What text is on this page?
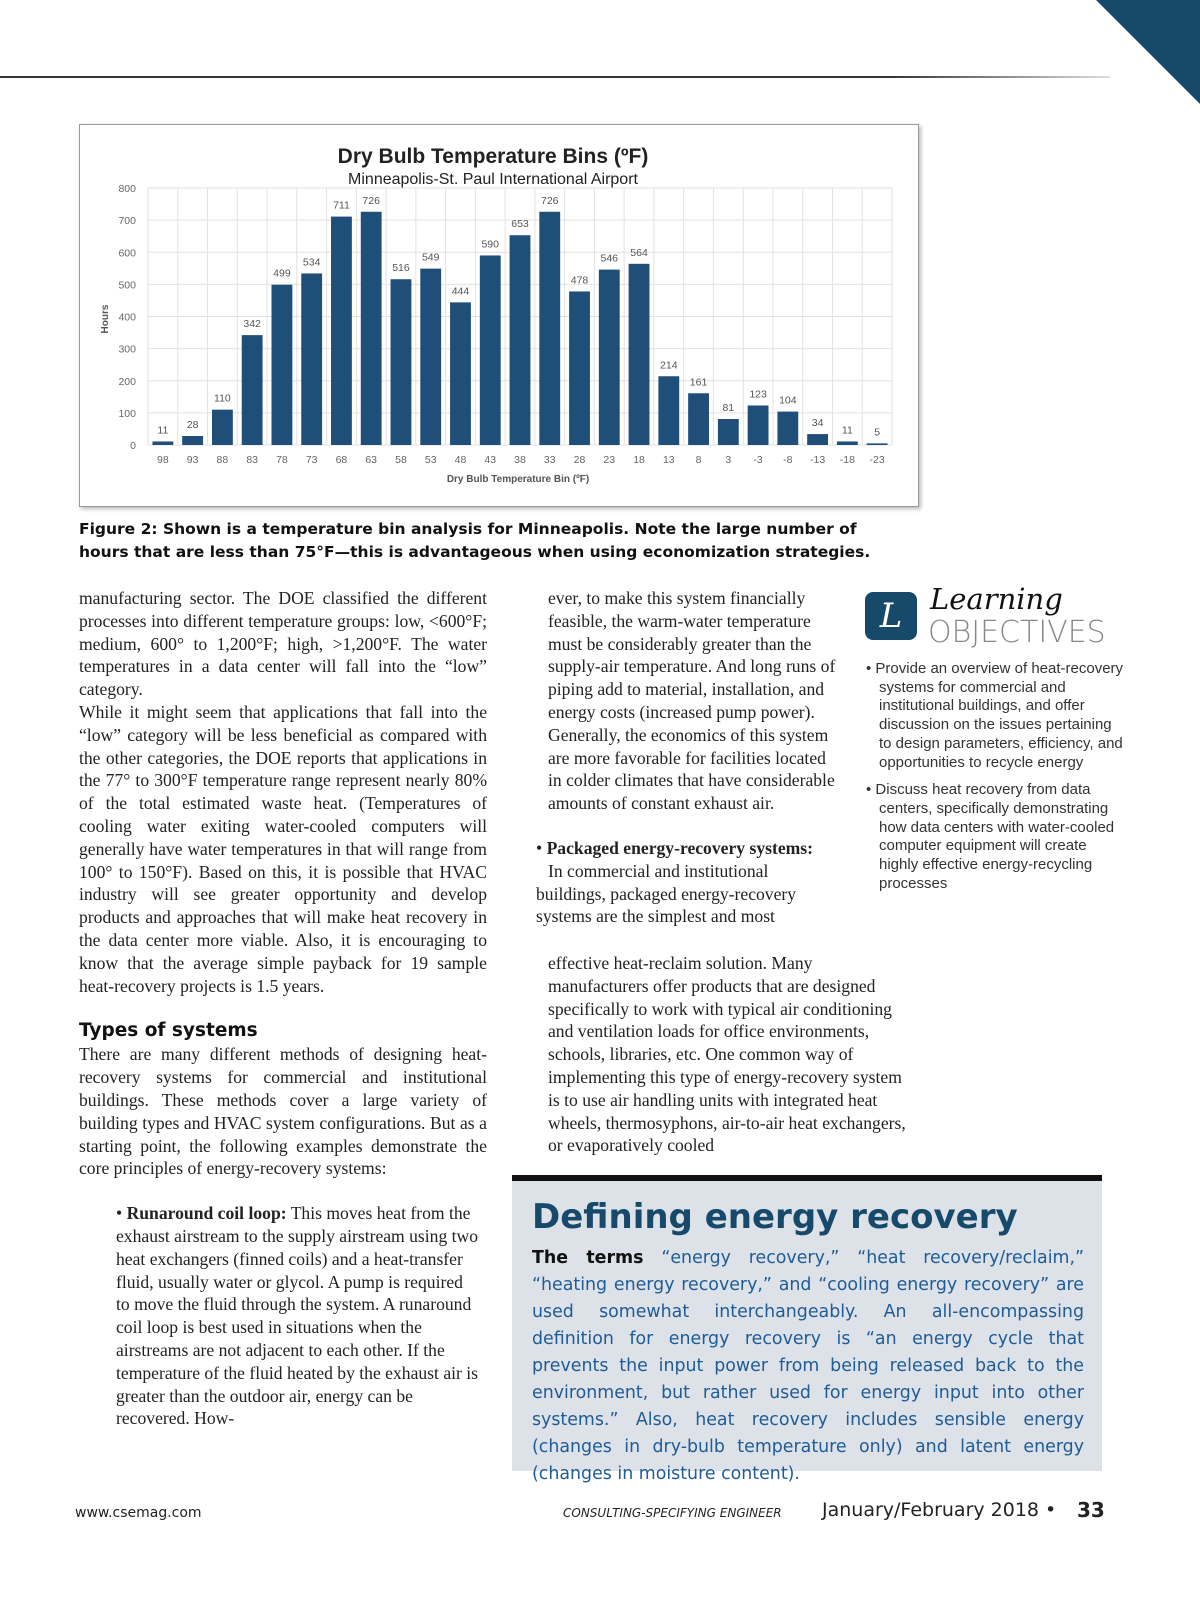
Dry Bulb Temperature Bins (ºF)
Minneapolis-St. Paul International Airport
0
100
200
300
400
500
600
700
800
11
98
28
93
110
88
342
83
499
78
534
73
711
68
726
63
516
58
549
53
444
48
590
43
653
38
726
33
478
28
546
23
564
18
214
13
161
8
81
3
123
-3
104
-8
34
-13
11
-18
5
-23
Hours
Dry Bulb Temperature Bin (ºF)
Figure 2: Shown is a temperature bin analysis for Minneapolis. Note the large number of hours that are less than 75°F—this is advantageous when using economization strategies.

manufacturing sector. The DOE classified the different processes into different temperature groups: low, <600°F; medium, 600° to 1,200°F; high, >1,200°F. The water temperatures in a data center will fall into the “low” category.

While it might seem that applications that fall into the “low” category will be less beneficial as compared with the other categories, the DOE reports that applications in the 77° to 300°F temperature range represent nearly 80% of the total estimated waste heat. (Temperatures of cooling water exiting water-cooled computers will generally have water temperatures in that will range from 100° to 150°F). Based on this, it is possible that HVAC industry will see greater opportunity and develop products and approaches that will make heat recovery in the data center more viable. Also, it is encouraging to know that the average simple payback for 19 sample heat-recovery projects is 1.5 years.

Types of systems

There are many different methods of designing heat-recovery systems for commercial and institutional buildings. These methods cover a large variety of building types and HVAC system configurations. But as a starting point, the following examples demonstrate the core principles of energy-recovery systems:

• Runaround coil loop: This moves heat from the exhaust airstream to the supply airstream using two heat exchangers (finned coils) and a heat-transfer fluid, usually water or glycol. A pump is required to move the fluid through the system. A runaround coil loop is best used in situations when the airstreams are not adjacent to each other. If the temperature of the fluid heated by the exhaust air is greater than the outdoor air, energy can be recovered. How-

ever, to make this system financially feasible, the warm-water temperature must be considerably greater than the supply-air temperature. And long runs of piping add to material, installation, and energy costs (increased pump power). Generally, the economics of this system are more favorable for facilities located in colder climates that have considerable amounts of constant exhaust air.

• Packaged energy-recovery systems:
In commercial and institutional buildings, packaged energy-recovery systems are the simplest and most

effective heat-reclaim solution. Many manufacturers offer products that are designed specifically to work with typical air conditioning and ventilation loads for office environments, schools, libraries, etc. One common way of implementing this type of energy-recovery system is to use air handling units with integrated heat wheels, thermosyphons, air-to-air heat exchangers, or evaporatively cooled

L Learning
OBJECTIVES
• Provide an overview of heat-recovery systems for commercial and institutional buildings, and offer discussion on the issues pertaining to design parameters, efficiency, and opportunities to recycle energy
• Discuss heat recovery from data centers, specifically demonstrating how data centers with water-cooled computer equipment will create highly effective energy-recycling processes
Defining energy recovery
The terms “energy recovery,” “heat recovery/reclaim,” “heating energy recovery,” and “cooling energy recovery” are used somewhat interchangeably. An all-encompassing definition for energy recovery is “an energy cycle that prevents the input power from being released back to the environment, but rather used for energy input into other systems.” Also, heat recovery includes sensible energy (changes in dry-bulb temperature only) and latent energy (changes in moisture content).
www.csemag.com	CONSULTING-SPECIFYING ENGINEER January/February 2018 • 33
